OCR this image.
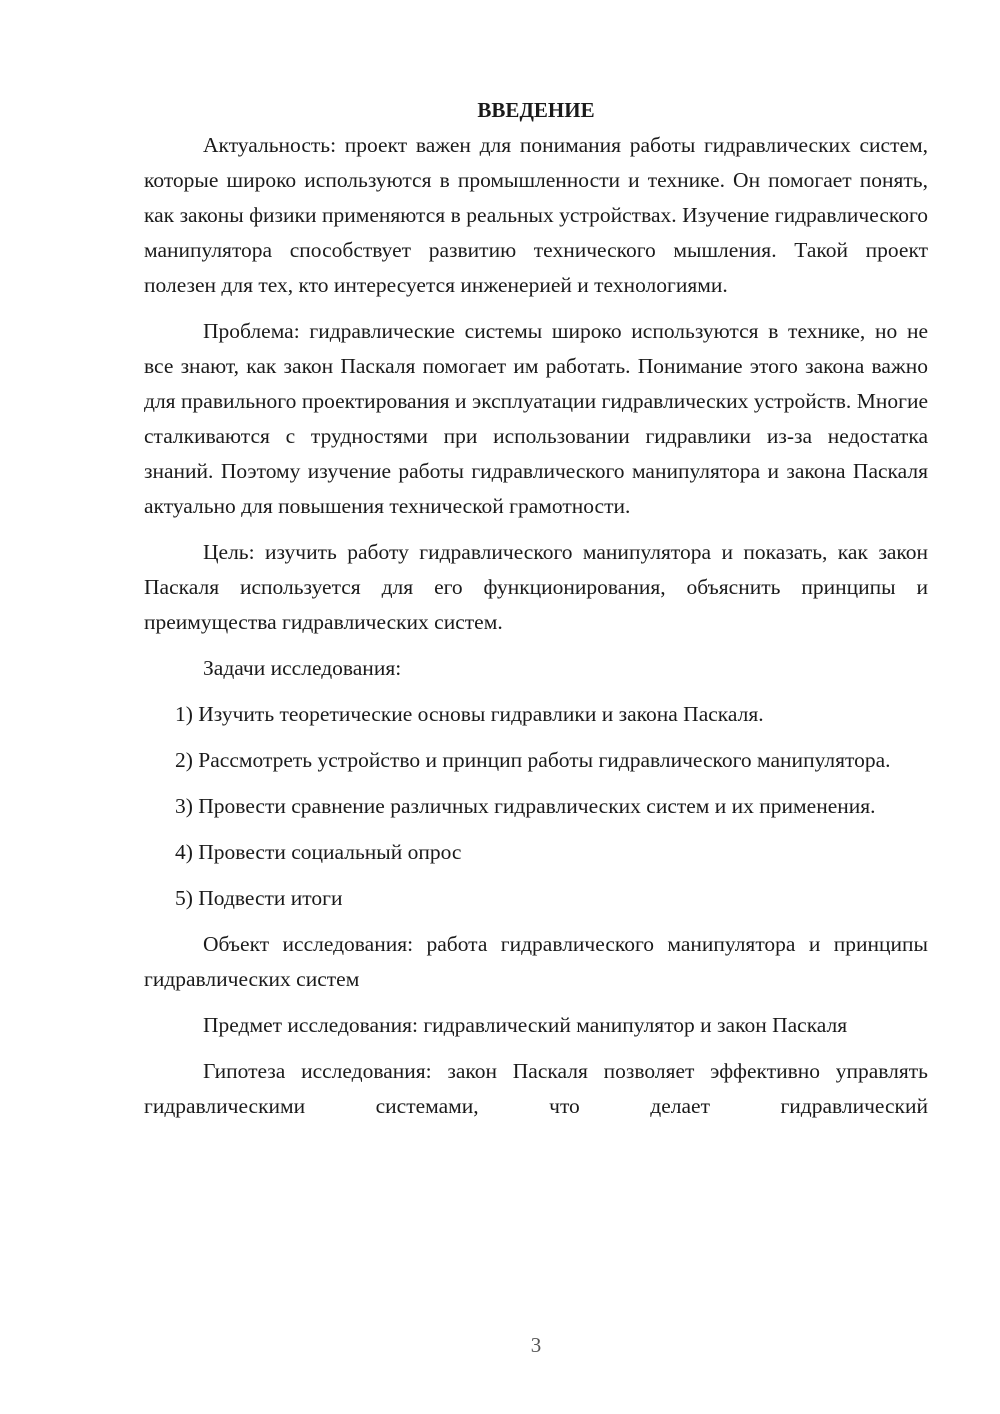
ВВЕДЕНИЕ

Актуальность: проект важен для понимания работы гидравлических систем, которые широко используются в промышленности и технике. Он помогает понять, как законы физики применяются в реальных устройствах. Изучение гидравлического манипулятора способствует развитию технического мышления. Такой проект полезен для тех, кто интересуется инженерией и технологиями.

Проблема: гидравлические системы широко используются в технике, но не все знают, как закон Паскаля помогает им работать. Понимание этого закона важно для правильного проектирования и эксплуатации гидравлических устройств. Многие сталкиваются с трудностями при использовании гидравлики из-за недостатка знаний. Поэтому изучение работы гидравлического манипулятора и закона Паскаля актуально для повышения технической грамотности.

Цель: изучить работу гидравлического манипулятора и показать, как закон Паскаля используется для его функционирования, объяснить принципы и преимущества гидравлических систем.

Задачи исследования:

1) Изучить теоретические основы гидравлики и закона Паскаля.

2) Рассмотреть устройство и принцип работы гидравлического манипулятора.

3) Провести сравнение различных гидравлических систем и их применения.

4) Провести социальный опрос

5) Подвести итоги

Объект исследования: работа гидравлического манипулятора и принципы гидравлических систем

Предмет исследования: гидравлический манипулятор и закон Паскаля

Гипотеза исследования: закон Паскаля позволяет эффективно управлять гидравлическими системами, что делает гидравлический

3
